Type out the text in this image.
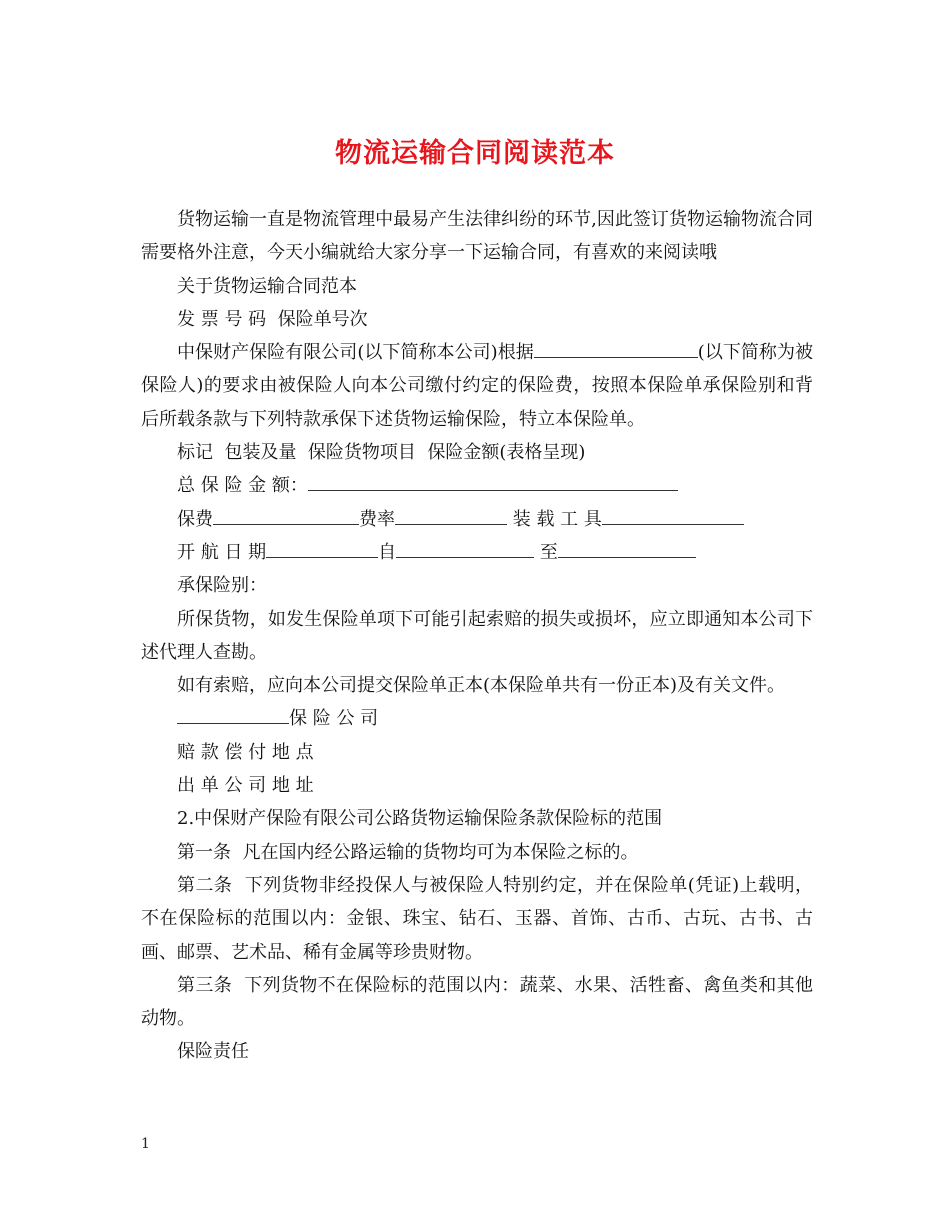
物流运输合同阅读范本

货物运输一直是物流管理中最易产生法律纠纷的环节,因此签订货物运输物流合同需要格外注意，今天小编就给大家分享一下运输合同，有喜欢的来阅读哦

关于货物运输合同范本

发 票 号 码  保险单号次

中保财产保险有限公司(以下简称本公司)根据	(以下简称为被保险人)的要求由被保险人向本公司缴付约定的保险费，按照本保险单承保险别和背后所载条款与下列特款承保下述货物运输保险，特立本保险单。

标记  包装及量  保险货物项目  保险金额(表格呈现)

总 保 险 金 额：
保费	费率	装 载 工 具
开 航 日 期	自	至

承保险别：

所保货物，如发生保险单项下可能引起索赔的损失或损坏，应立即通知本公司下述代理人查勘。

如有索赔，应向本公司提交保险单正本(本保险单共有一份正本)及有关文件。

保 险 公 司

赔 款 偿 付 地 点

出 单 公 司 地 址

2.中保财产保险有限公司公路货物运输保险条款保险标的范围

第一条  凡在国内经公路运输的货物均可为本保险之标的。

第二条  下列货物非经投保人与被保险人特别约定，并在保险单(凭证)上载明，不在保险标的范围以内：金银、珠宝、钻石、玉器、首饰、古币、古玩、古书、古画、邮票、艺术品、稀有金属等珍贵财物。

第三条  下列货物不在保险标的范围以内：蔬菜、水果、活牲畜、禽鱼类和其他动物。

保险责任

1
